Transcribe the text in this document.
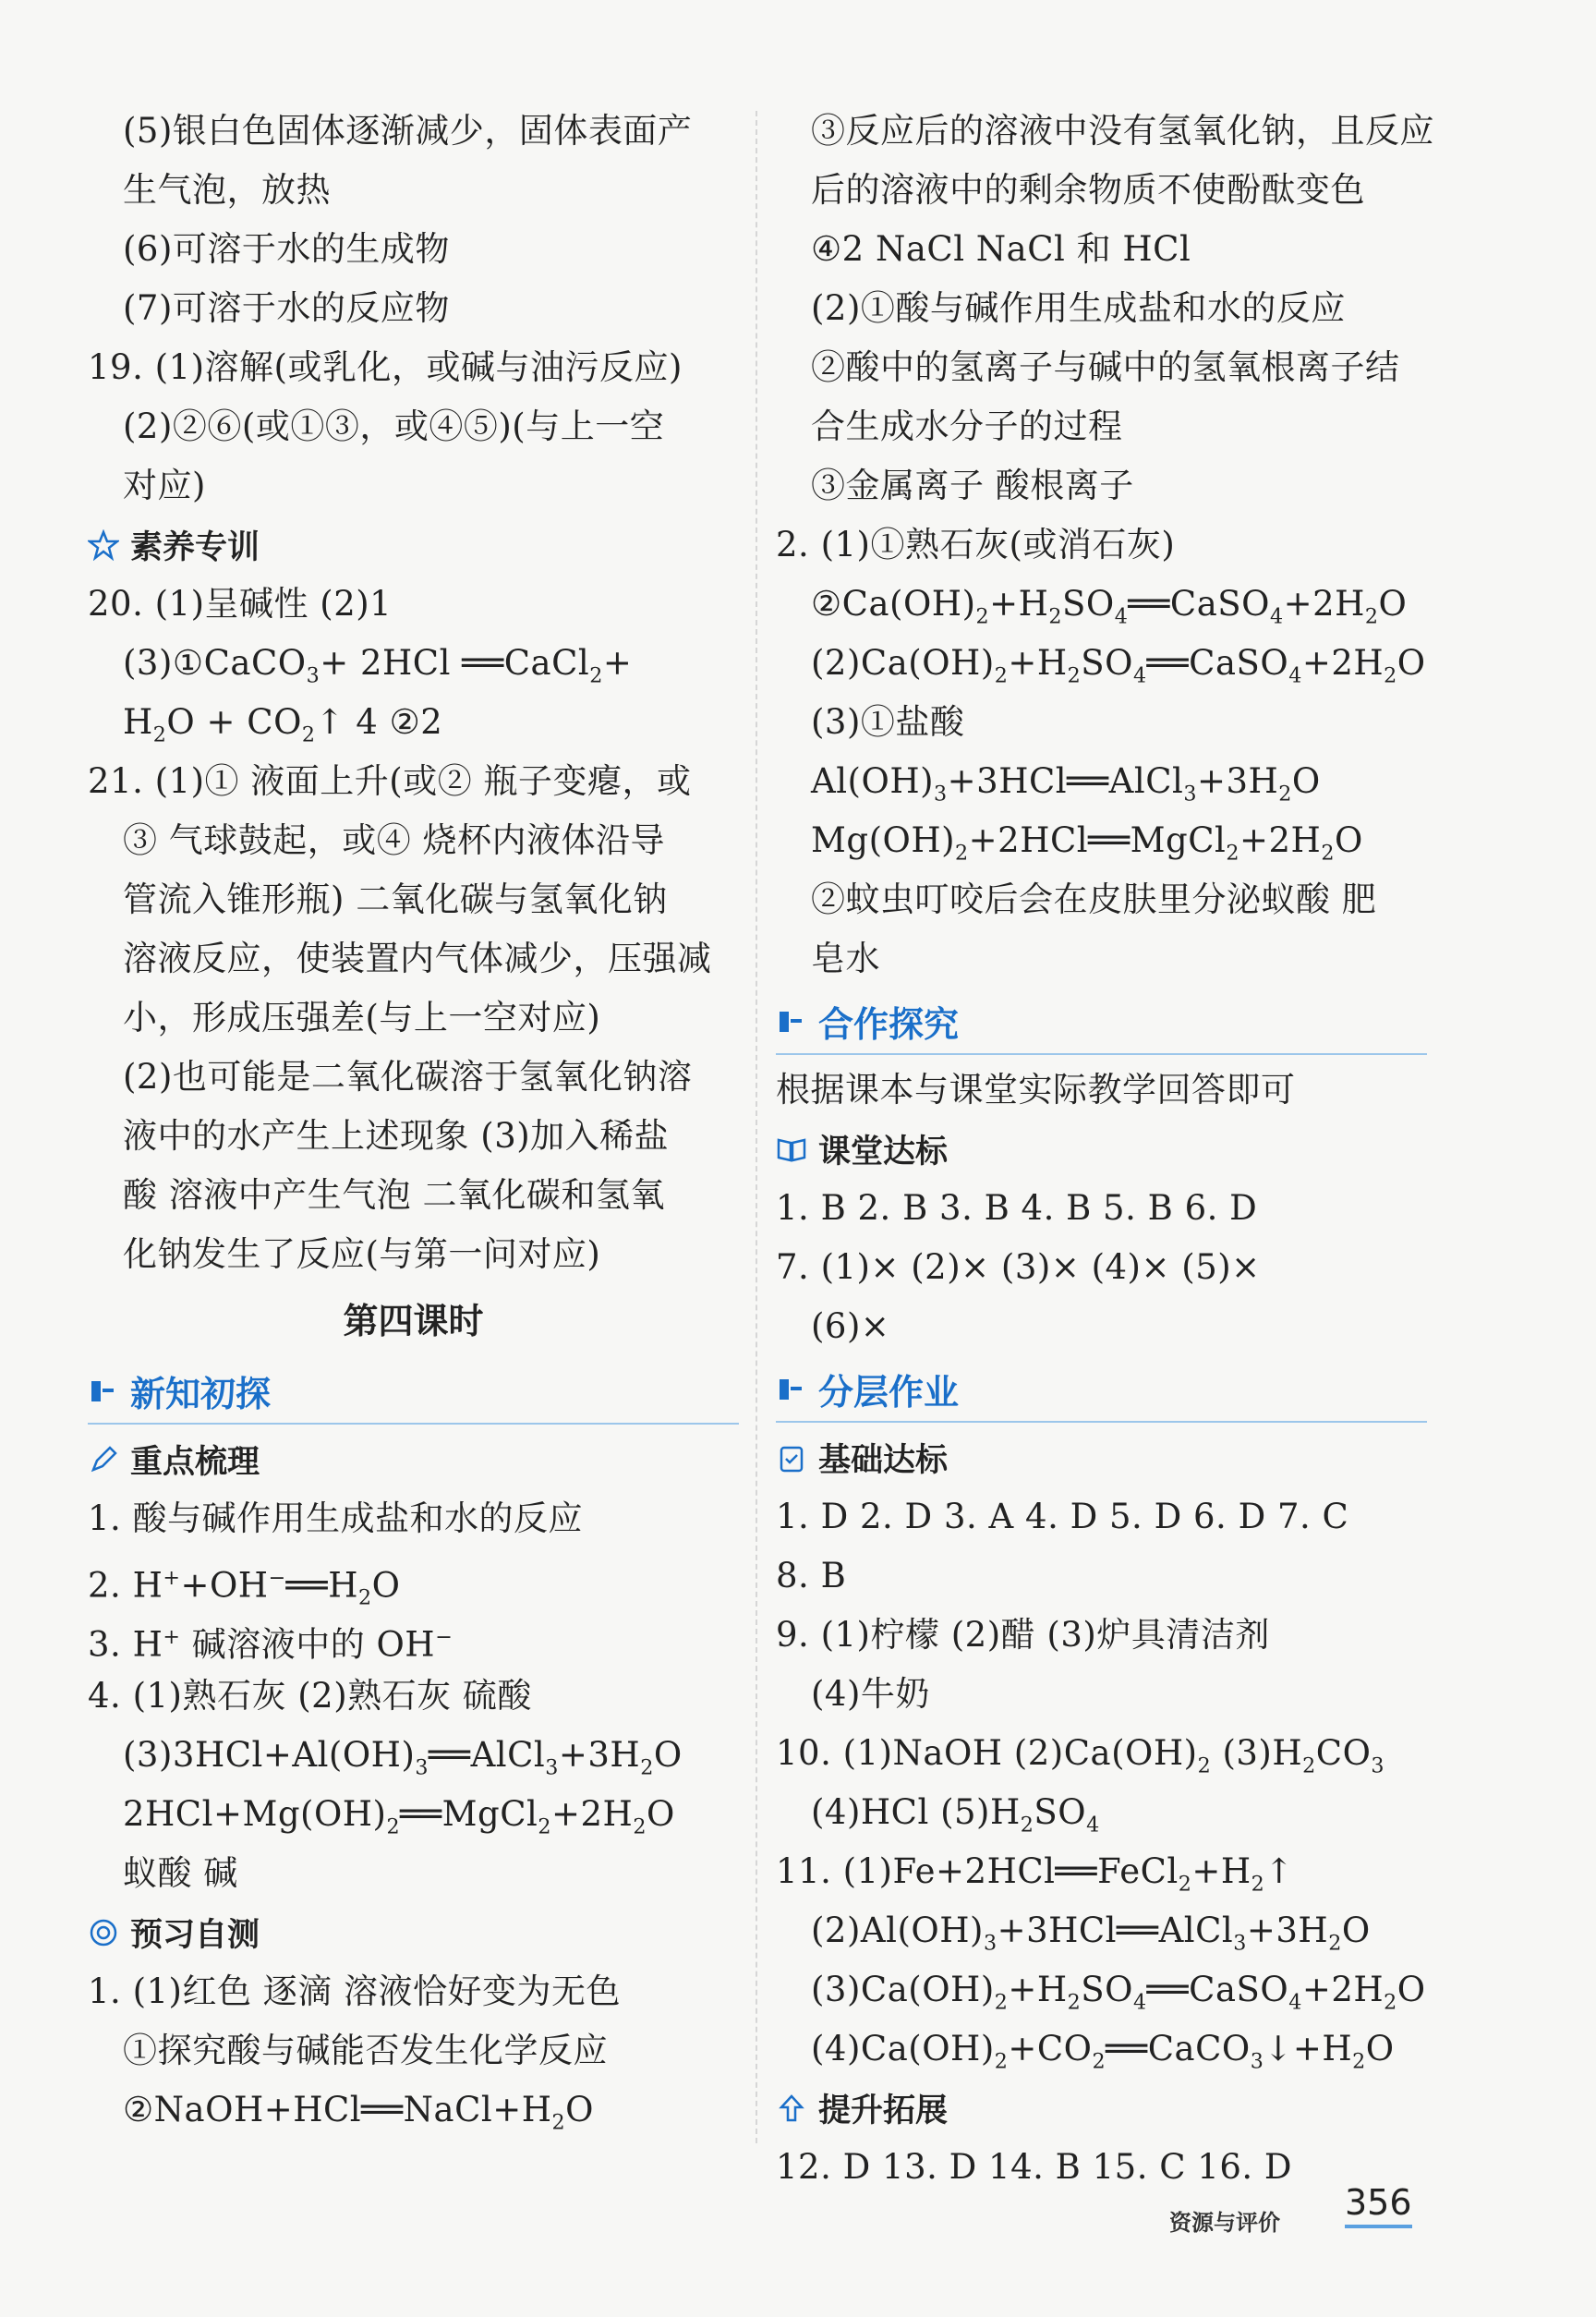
(5)银白色固体逐渐减少，固体表面产
生气泡，放热
(6)可溶于水的生成物
(7)可溶于水的反应物
19. (1)溶解(或乳化，或碱与油污反应)
(2)②⑥(或①③，或④⑤)(与上一空
对应)
素养专训
20. (1)呈碱性 (2)1
(3)①CaCO$_3$+ 2HCl ══CaCl$_2$+
$H_2O$ + $CO_2↑$ 4 ②2
21. (1)① 液面上升(或② 瓶子变瘪，或
③ 气球鼓起，或④ 烧杯内液体沿导
管流入锥形瓶) 二氧化碳与氢氧化钠
溶液反应，使装置内气体减少，压强减
小，形成压强差(与上一空对应)
(2)也可能是二氧化碳溶于氢氧化钠溶
液中的水产生上述现象 (3)加入稀盐
酸 溶液中产生气泡 二氧化碳和氢氧
化钠发生了反应(与第一问对应)
第四课时
新知初探
重点梳理
1. 酸与碱作用生成盐和水的反应
2. $H^++OH^-══H_2O$
3. H+ 碱溶液中的 OH−
4. (1)熟石灰 (2)熟石灰 硫酸
$(3)3HCl+Al(OH)_3══AlCl_3+3H_2O$
$2HCl+Mg(OH)_2══MgCl_2+2H_2O$
蚁酸 碱
预习自测
1. (1)红色 逐滴 溶液恰好变为无色
①探究酸与碱能否发生化学反应
$②NaOH+HCl══NaCl+H_2O$
③反应后的溶液中没有氢氧化钠，且反应
后的溶液中的剩余物质不使酚酞变色
④2 NaCl NaCl 和 HCl
(2)①酸与碱作用生成盐和水的反应
②酸中的氢离子与碱中的氢氧根离子结
合生成水分子的过程
③金属离子 酸根离子
2. (1)①熟石灰(或消石灰)
$②Ca(OH)_2+H_2SO_4══CaSO_4+2H_2O$
$(2)Ca(OH)_2+H_2SO_4══CaSO_4+2H_2O$
(3)①盐酸
$Al(OH)_3+3HCl══AlCl_3+3H_2O$
$Mg(OH)_2+2HCl══MgCl_2+2H_2O$
②蚊虫叮咬后会在皮肤里分泌蚁酸 肥
皂水
合作探究
根据课本与课堂实际教学回答即可
课堂达标
1. B 2. B 3. B 4. B 5. B 6. D
7. (1)× (2)× (3)× (4)× (5)×
(6)×
分层作业
基础达标
1. D 2. D 3. A 4. D 5. D 6. D 7. C
8. B
9. (1)柠檬 (2)醋 (3)炉具清洁剂
(4)牛奶
10. (1)NaOH $(2)Ca(OH)_2$ $(3)H_2CO_3$
(4)HCl $(5)H_2SO_4$
11. $(1)Fe+2HCl══FeCl_2+H_2↑$
$(2)Al(OH)_3+3HCl══AlCl_3+3H_2O$
$(3)Ca(OH)_2+H_2SO_4══CaSO_4+2H_2O$
$(4)Ca(OH)_2+CO_2══CaCO_3↓+H_2O$
提升拓展
12. D 13. D 14. B 15. C 16. D
资源与评价 356
